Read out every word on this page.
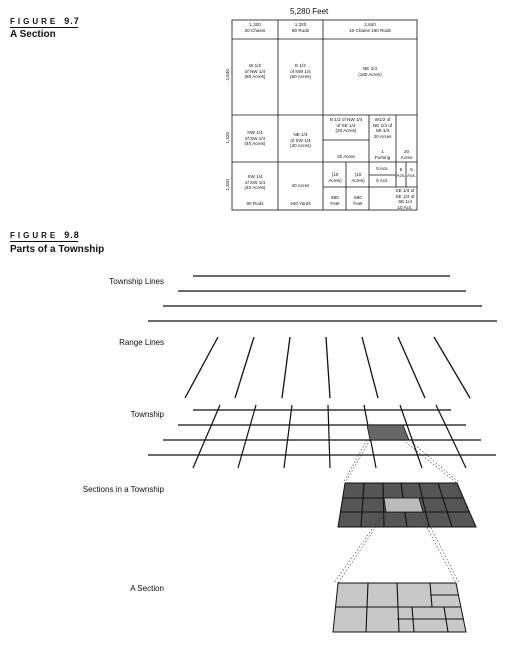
FIGURE 9.7
A Section
5,280 Feet
2,640
1,320
1,320
1,320
20 Chains
1,320
80 Rods
2,640
40 Chains 160 Rods
W 1/2
of NW 1/4
(80 Acres)
E 1/2
of NW 1/4
(80 Acres)
NE 1/4
(160 Acres)
NW 1/4
of SW 1/4
(40 Acres)
NE 1/4
of SW 1/4
(40 Acres)
N 1/2 of NW 1/4
of SE 1/4
(20 Acres)
W1/2 of
NE 1/4 of
SE 1/4
20 Acres
20 Acres
1
Furlong
20
Acres
SW 1/4
of SW 1/4
(40 Acres)	40 Acres
(10
Acres)
(10
Acres)
5 Acs.
5 Acs.
5
Acs.
5
Acs.
SE 1/4 of
SE 1/4 of
SE 1/4
10 Acs.
80 Rods	440 Yards
660
Feet
660
Feet
FIGURE 9.8
Parts of a Township
Township Lines
Range Lines
Township
Sections in a Township
A Section
